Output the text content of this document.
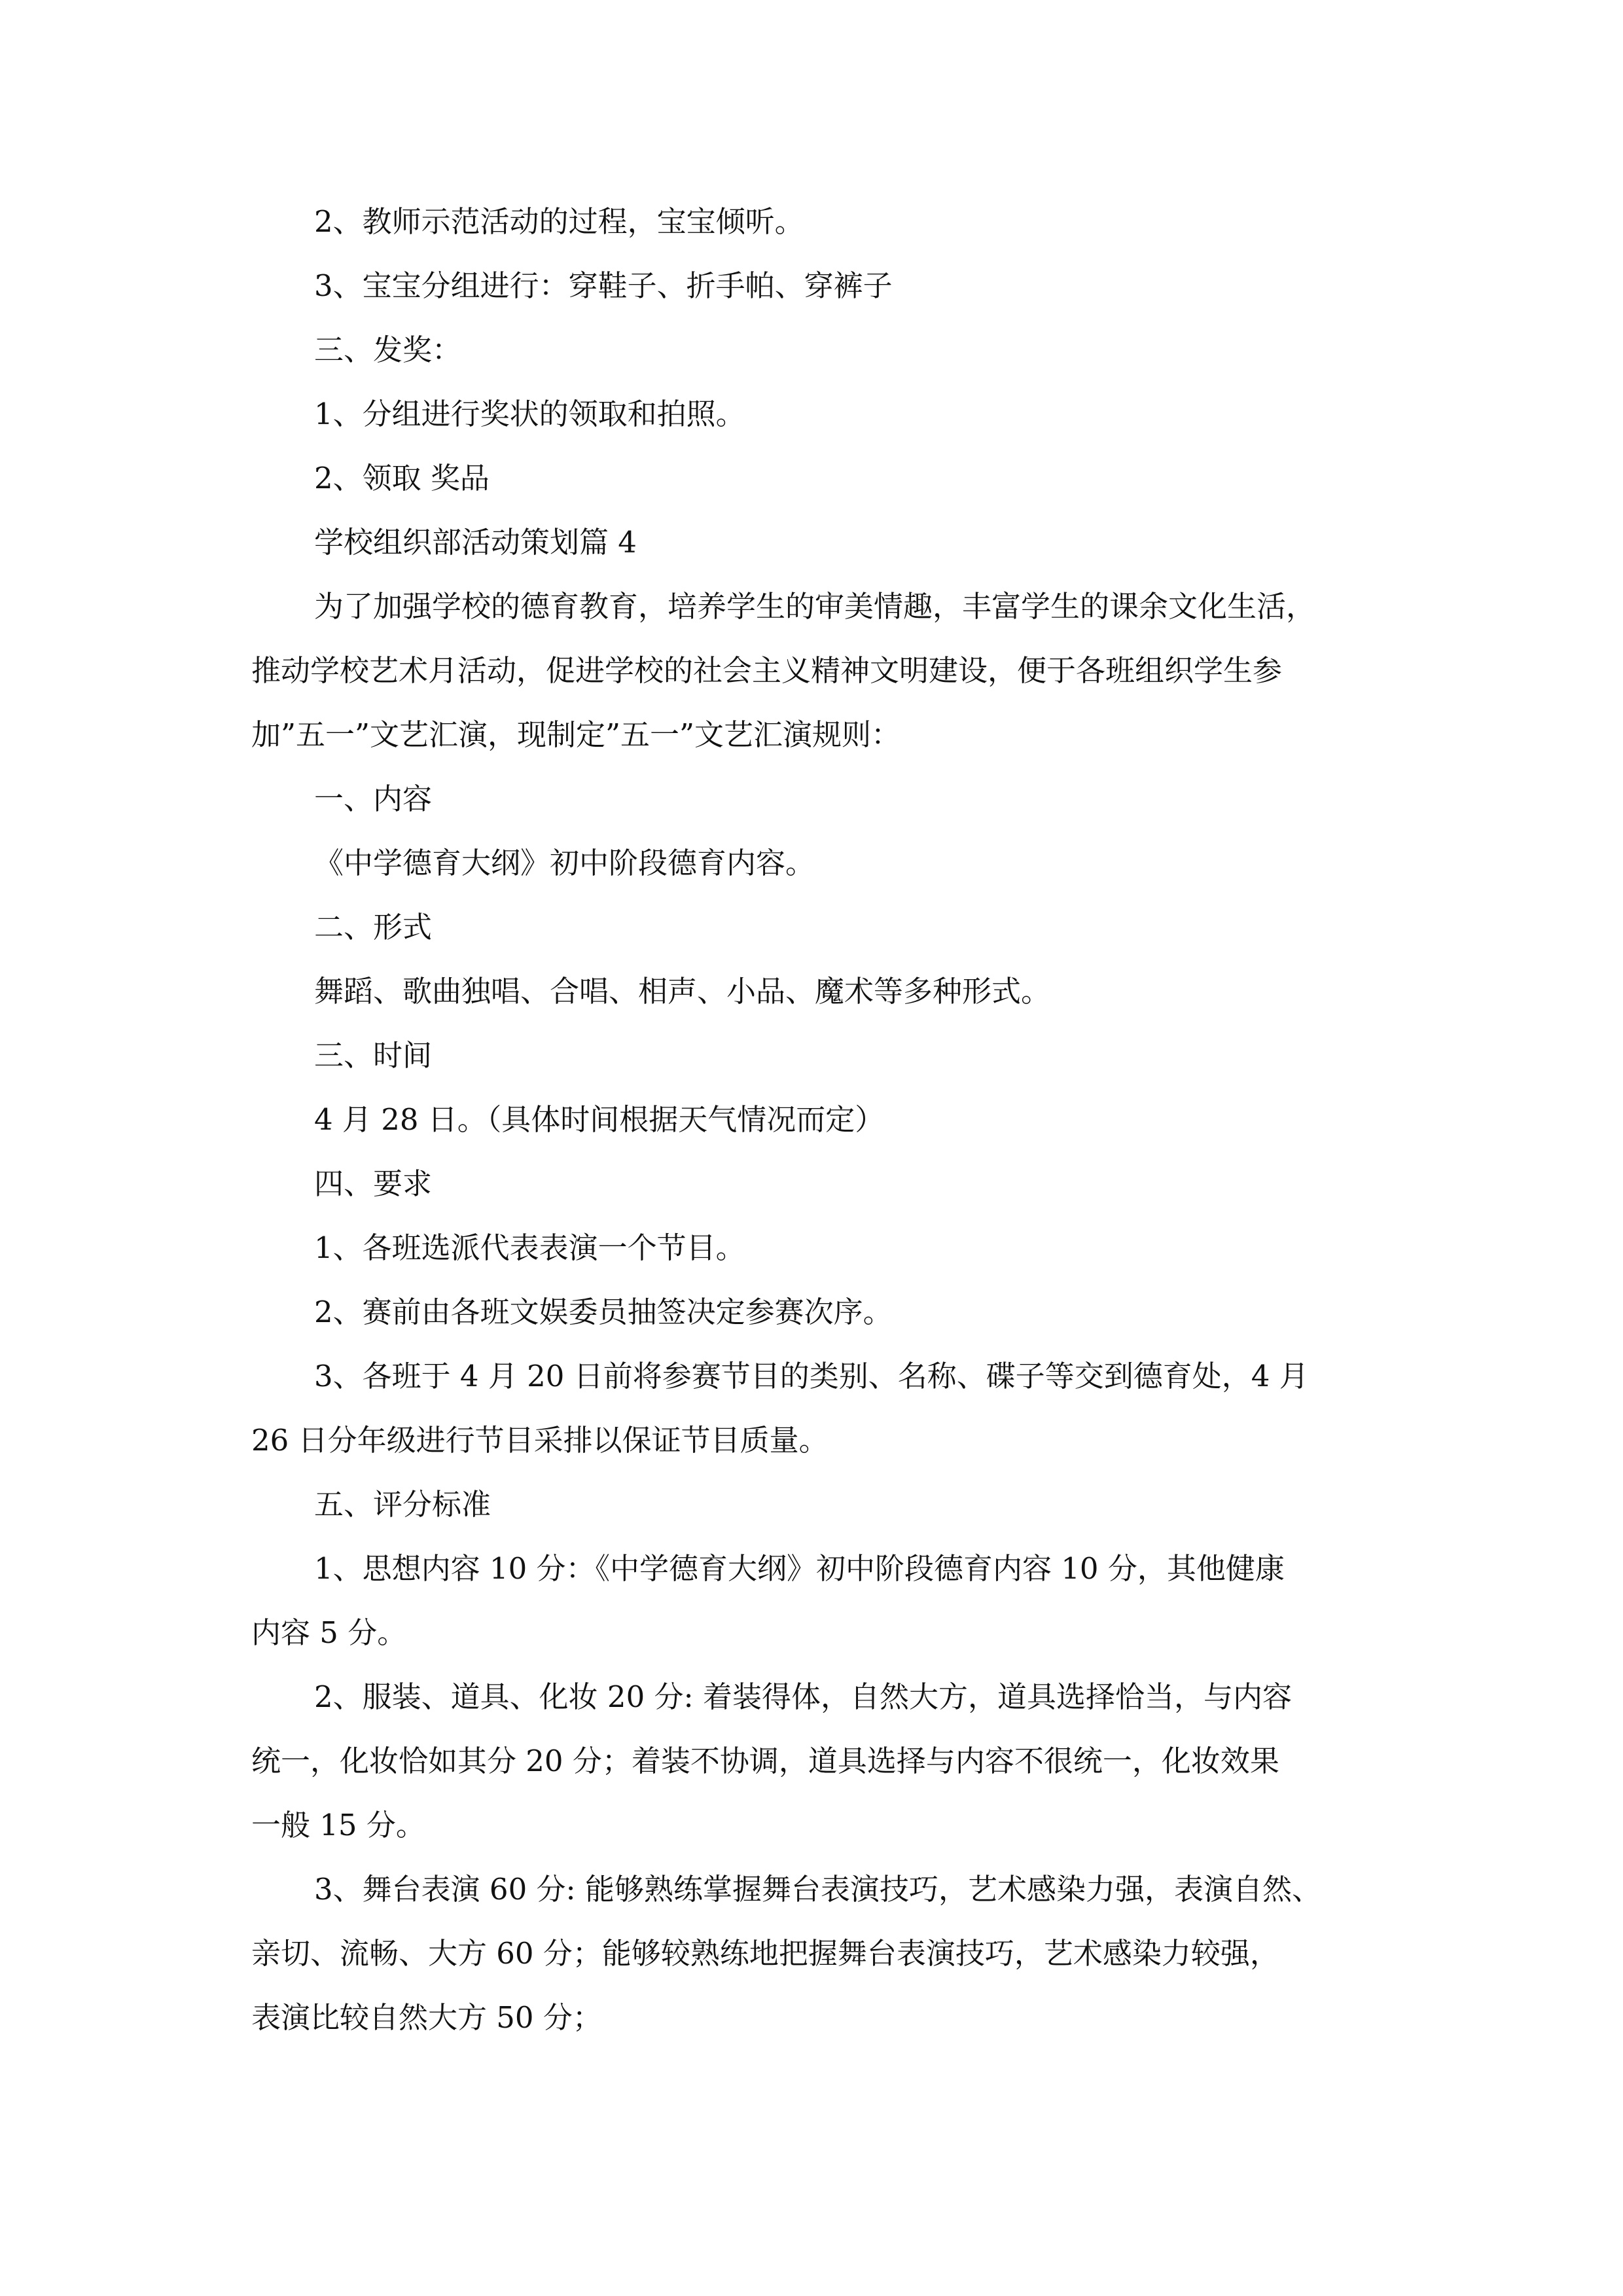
2、教师示范活动的过程，宝宝倾听。
3、宝宝分组进行：穿鞋子、折手帕、穿裤子
三、发奖：
1、分组进行奖状的领取和拍照。
2、领取 奖品
学校组织部活动策划篇 4
为了加强学校的德育教育，培养学生的审美情趣，丰富学生的课余文化生活，
推动学校艺术月活动，促进学校的社会主义精神文明建设，便于各班组织学生参
加”五一”文艺汇演，现制定”五一”文艺汇演规则：
一、内容
《中学德育大纲》初中阶段德育内容。
二、形式
舞蹈、歌曲独唱、合唱、相声、小品、魔术等多种形式。
三、时间
4 月 28 日。（具体时间根据天气情况而定）
四、要求
1、各班选派代表表演一个节目。
2、赛前由各班文娱委员抽签决定参赛次序。
3、各班于 4 月 20 日前将参赛节目的类别、名称、碟子等交到德育处，4 月
26 日分年级进行节目采排以保证节目质量。
五、评分标准
1、思想内容 10 分：《中学德育大纲》初中阶段德育内容 10 分，其他健康
内容 5 分。
2、服装、道具、化妆 20 分: 着装得体，自然大方，道具选择恰当，与内容
统一，化妆恰如其分 20 分；着装不协调，道具选择与内容不很统一，化妆效果
一般 15 分。
3、舞台表演 60 分: 能够熟练掌握舞台表演技巧，艺术感染力强，表演自然、
亲切、流畅、大方 60 分；能够较熟练地把握舞台表演技巧，艺术感染力较强，
表演比较自然大方 50 分；
